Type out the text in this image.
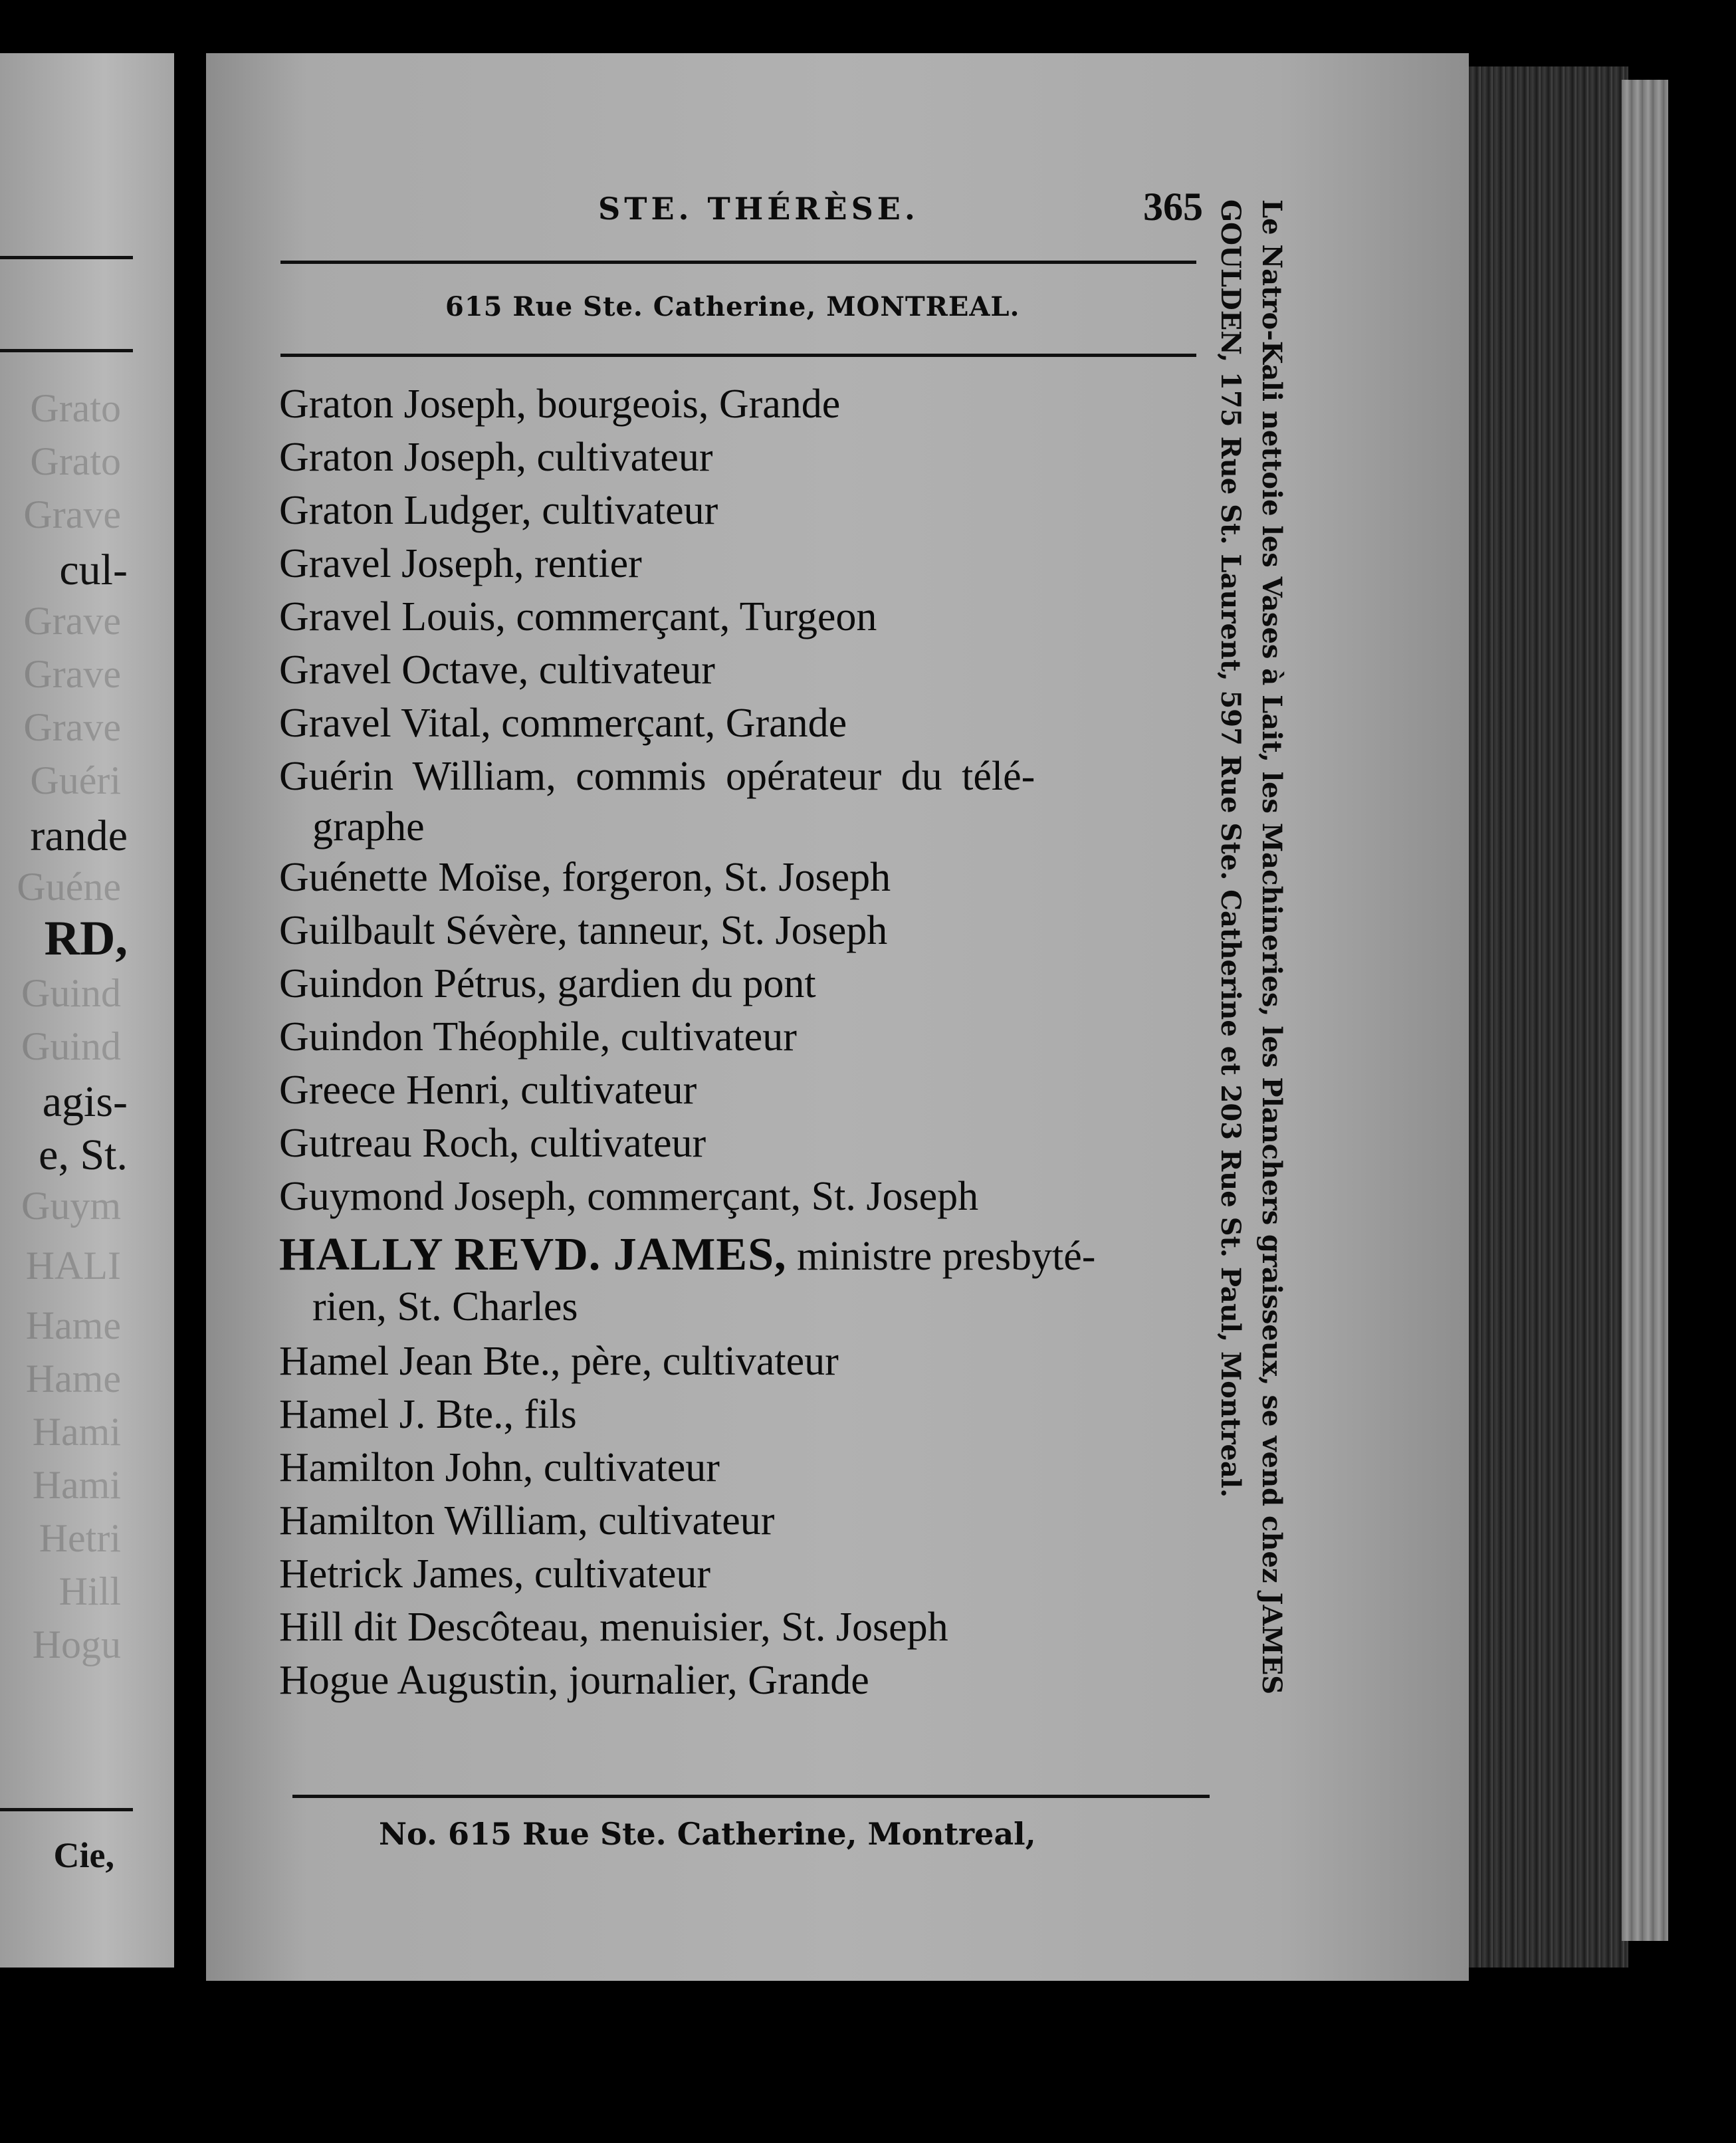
Grato
Grato
Grave
cul-
Grave
Grave
Grave
Guéri
rande
Guéne
RD,
Guind
Guind
agis-
e, St.
Guym
HALI
Hame
Hame
Hami
Hami
Hetri
Hill
Hogu
Cie,
STE. THÉRÈSE.	365
615 Rue Ste. Catherine, MONTREAL.
Graton Joseph, bourgeois, Grande
Graton Joseph, cultivateur
Graton Ludger, cultivateur
Gravel Joseph, rentier
Gravel Louis, commerçant, Turgeon
Gravel Octave, cultivateur
Gravel Vital, commerçant, Grande
Guérin William, commis opérateur du télé-
graphe
Guénette Moïse, forgeron, St. Joseph
Guilbault Sévère, tanneur, St. Joseph
Guindon Pétrus, gardien du pont
Guindon Théophile, cultivateur
Greece Henri, cultivateur
Gutreau Roch, cultivateur
Guymond Joseph, commerçant, St. Joseph
HALLY REVD. JAMES, ministre presbyté-
rien, St. Charles
Hamel Jean Bte., père, cultivateur
Hamel J. Bte., fils
Hamilton John, cultivateur
Hamilton William, cultivateur
Hetrick James, cultivateur
Hill dit Descôteau, menuisier, St. Joseph
Hogue Augustin, journalier, Grande
No. 615 Rue Ste. Catherine, Montreal,
Le Natro-Kali nettoie les Vases à Lait, les Machineries, les Planchers graisseux, se vend chez JAMES
GOULDEN, 175 Rue St. Laurent, 597 Rue Ste. Catherine et 203 Rue St. Paul, Montreal.
